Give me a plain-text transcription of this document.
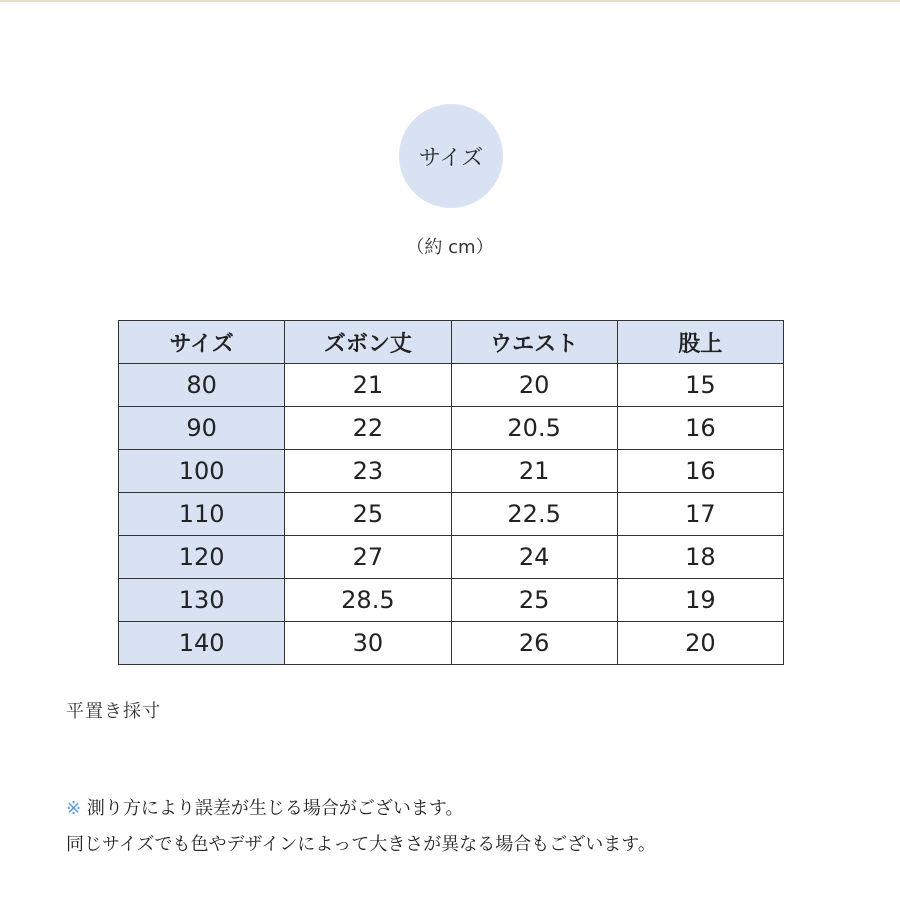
サイズ
（約 cm）
サイズ	ズボン丈	ウエスト	股上
80	21	20	15
90	22	20.5	16
100	23	21	16
110	25	22.5	17
120	27	24	18
130	28.5	25	19
140	30	26	20
平置き採寸
※ 測り方により誤差が生じる場合がございます。
同じサイズでも色やデザインによって大きさが異なる場合もございます。
